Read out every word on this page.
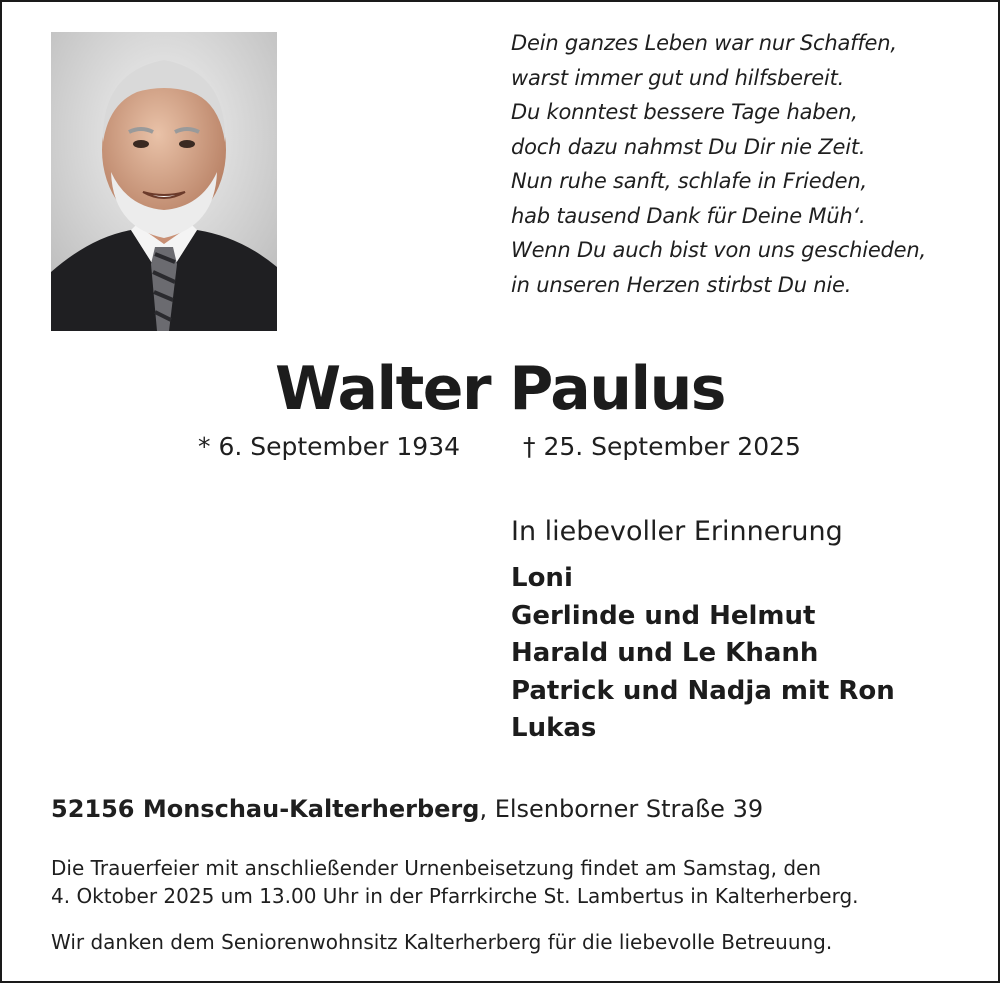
Dein ganzes Leben war nur Schaffen,
warst immer gut und hilfsbereit.
Du konntest bessere Tage haben,
doch dazu nahmst Du Dir nie Zeit.
Nun ruhe sanft, schlafe in Frieden,
hab tausend Dank für Deine Müh‘.
Wenn Du auch bist von uns geschieden,
in unseren Herzen stirbst Du nie.
Walter Paulus
* 6. September 1934	† 25. September 2025
In liebevoller Erinnerung
Loni
Gerlinde und Helmut
Harald und Le Khanh
Patrick und Nadja mit Ron
Lukas
52156 Monschau-Kalterherberg, Elsenborner Straße 39
Die Trauerfeier mit anschließender Urnenbeisetzung findet am Samstag, den
4. Oktober 2025 um 13.00 Uhr in der Pfarrkirche St. Lambertus in Kalterherberg.
Wir danken dem Seniorenwohnsitz Kalterherberg für die liebevolle Betreuung.
